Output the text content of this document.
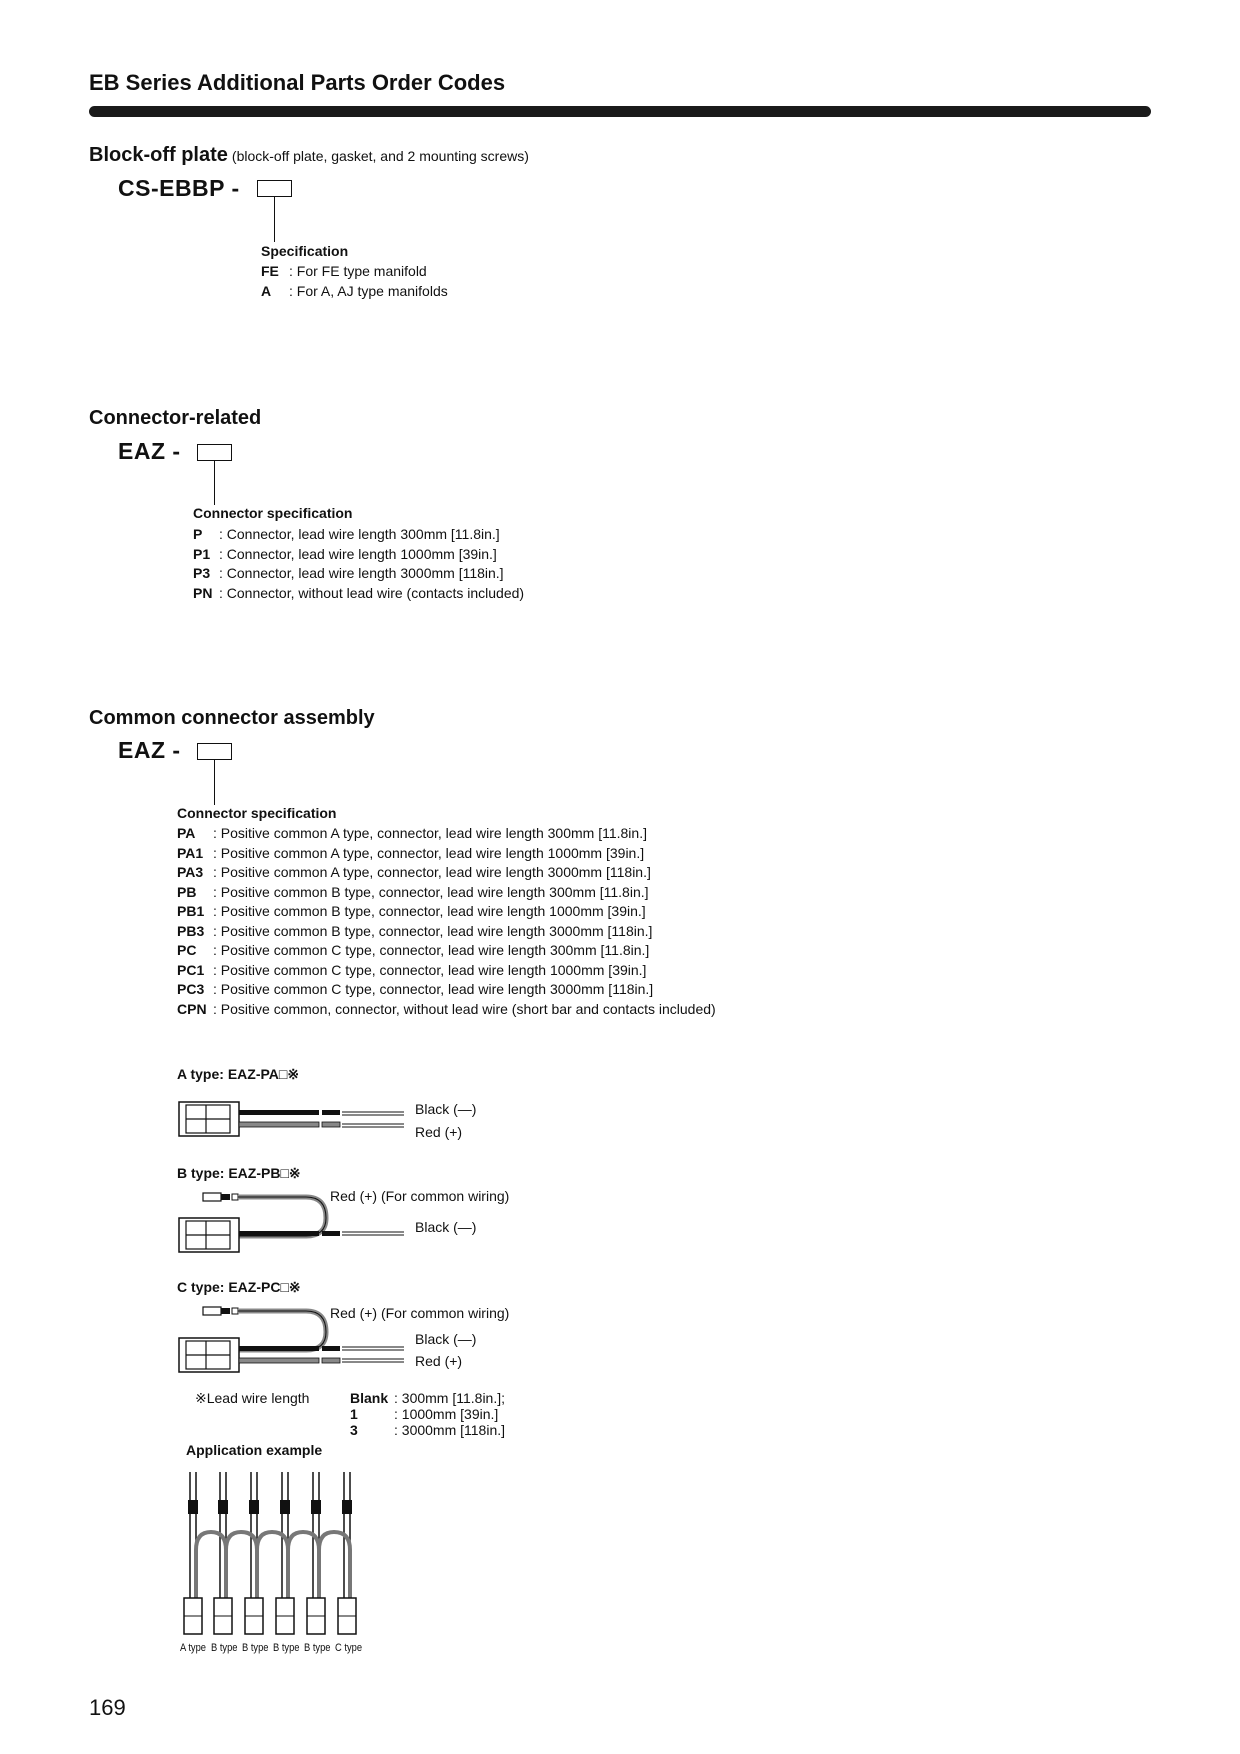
EB Series Additional Parts Order Codes
Block-off plate (block-off plate, gasket, and 2 mounting screws)
CS-EBBP -
Specification
FE : For FE type manifold
A : For A, AJ type manifolds
Connector-related
EAZ -
Connector specification
P : Connector, lead wire length 300mm [11.8in.]
P1 : Connector, lead wire length 1000mm [39in.]
P3 : Connector, lead wire length 3000mm [118in.]
PN : Connector, without lead wire (contacts included)
Common connector assembly
EAZ -
Connector specification
PA : Positive common A type, connector, lead wire length 300mm [11.8in.]
PA1 : Positive common A type, connector, lead wire length 1000mm [39in.]
PA3 : Positive common A type, connector, lead wire length 3000mm [118in.]
PB : Positive common B type, connector, lead wire length 300mm [11.8in.]
PB1 : Positive common B type, connector, lead wire length 1000mm [39in.]
PB3 : Positive common B type, connector, lead wire length 3000mm [118in.]
PC : Positive common C type, connector, lead wire length 300mm [11.8in.]
PC1 : Positive common C type, connector, lead wire length 1000mm [39in.]
PC3 : Positive common C type, connector, lead wire length 3000mm [118in.]
CPN : Positive common, connector, without lead wire (short bar and contacts included)
A type: EAZ-PA□※
Black (—)
Red (+)
B type: EAZ-PB□※
Red (+) (For common wiring)
Black (—)
C type: EAZ-PC□※
Red (+) (For common wiring)
Black (—)
Red (+)
※Lead wire length	Blank : 300mm [11.8in.];
1	: 1000mm [39in.]
3	: 3000mm [118in.]
Application example
A type B type B type B type B type C type
169
